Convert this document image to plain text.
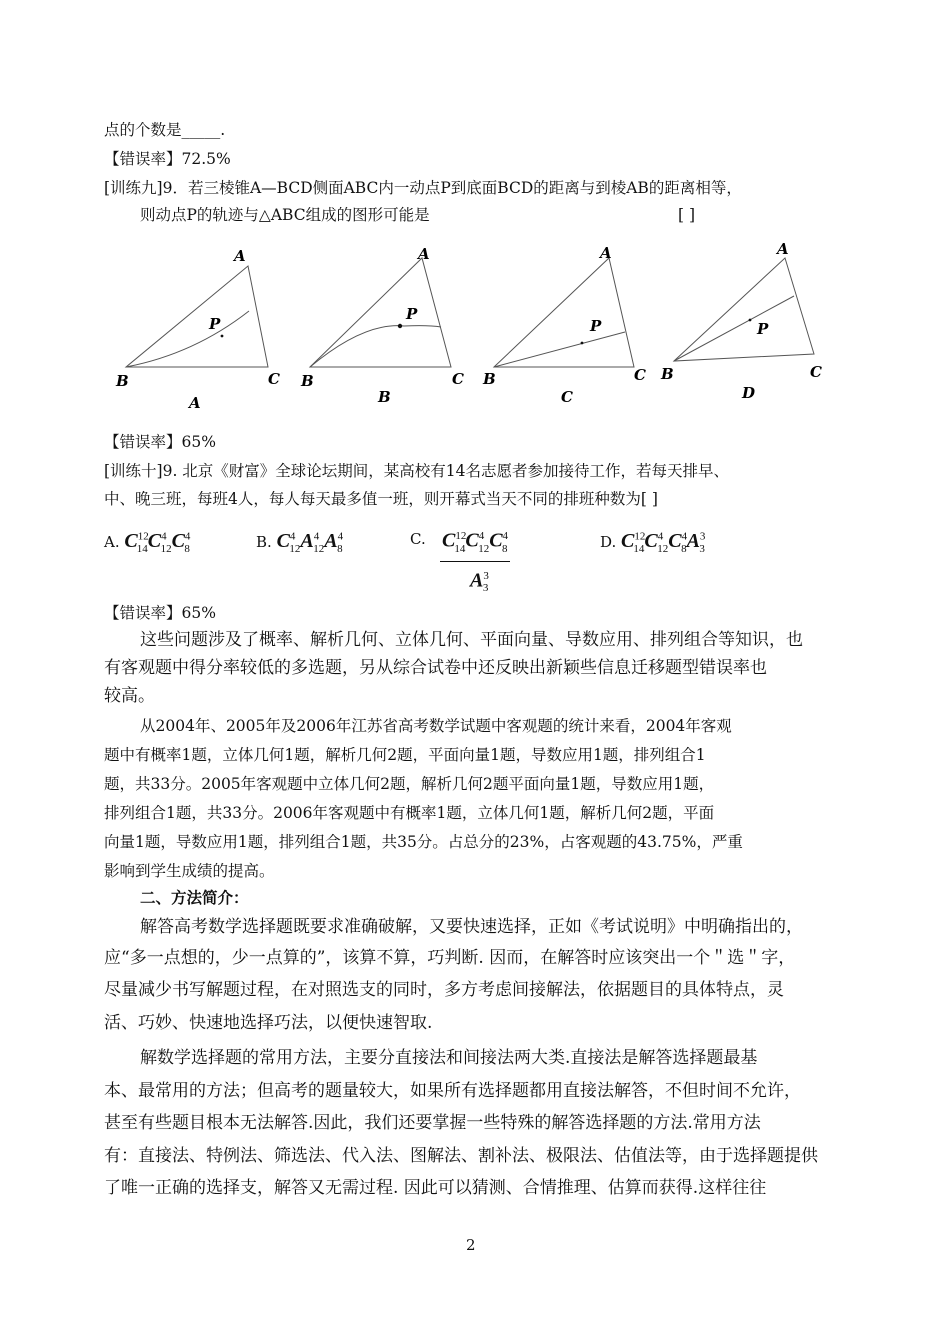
点的个数是_____.
【错误率】72.5%
[训练九]9．若三棱锥A—BCD侧面ABC内一动点P到底面BCD的距离与到棱AB的距离相等，
则动点P的轨迹与△ABC组成的图形可能是	[ ]
A
B	C
P
A
A
B	C
P
B
A
B	C
P
C
A
B	C
P
D
【错误率】65%
[训练十]9. 北京《财富》全球论坛期间，某高校有14名志愿者参加接待工作，若每天排早、
中、晚三班，每班4人，每人每天最多值一班，则开幕式当天不同的排班种数为[ ]
A. $C^{12}_{14}C^4_{12}C^4_8$	B. $C^4_{12}A^4_{12}A^4_8$
C. $\frac{C^{12}_{14}C^4_{12}C^4_8}{A^3_3}$	D. $C^{12}_{14}C^4_{12}C^4_8A^3_3$
【错误率】65%
这些问题涉及了概率、解析几何、立体几何、平面向量、导数应用、排列组合等知识，也
有客观题中得分率较低的多选题，另从综合试卷中还反映出新颖些信息迁移题型错误率也
较高。
从2004年、2005年及2006年江苏省高考数学试题中客观题的统计来看，2004年客观
题中有概率1题，立体几何1题，解析几何2题，平面向量1题，导数应用1题，排列组合1
题，共33分。2005年客观题中立体几何2题，解析几何2题平面向量1题，导数应用1题，
排列组合1题，共33分。2006年客观题中有概率1题，立体几何1题，解析几何2题，平面
向量1题，导数应用1题，排列组合1题，共35分。占总分的23%，占客观题的43.75%，严重
影响到学生成绩的提高。
二、方法简介：
解答高考数学选择题既要求准确破解，又要快速选择，正如《考试说明》中明确指出的，
应“多一点想的，少一点算的”，该算不算，巧判断. 因而，在解答时应该突出一个＂选＂字，
尽量减少书写解题过程，在对照选支的同时，多方考虑间接解法，依据题目的具体特点，灵
活、巧妙、快速地选择巧法，以便快速智取.
解数学选择题的常用方法，主要分直接法和间接法两大类.直接法是解答选择题最基
本、最常用的方法；但高考的题量较大，如果所有选择题都用直接法解答，不但时间不允许，
甚至有些题目根本无法解答.因此，我们还要掌握一些特殊的解答选择题的方法.常用方法
有：直接法、特例法、筛选法、代入法、图解法、割补法、极限法、估值法等，由于选择题提供
了唯一正确的选择支，解答又无需过程. 因此可以猜测、合情推理、估算而获得.这样往往
2
